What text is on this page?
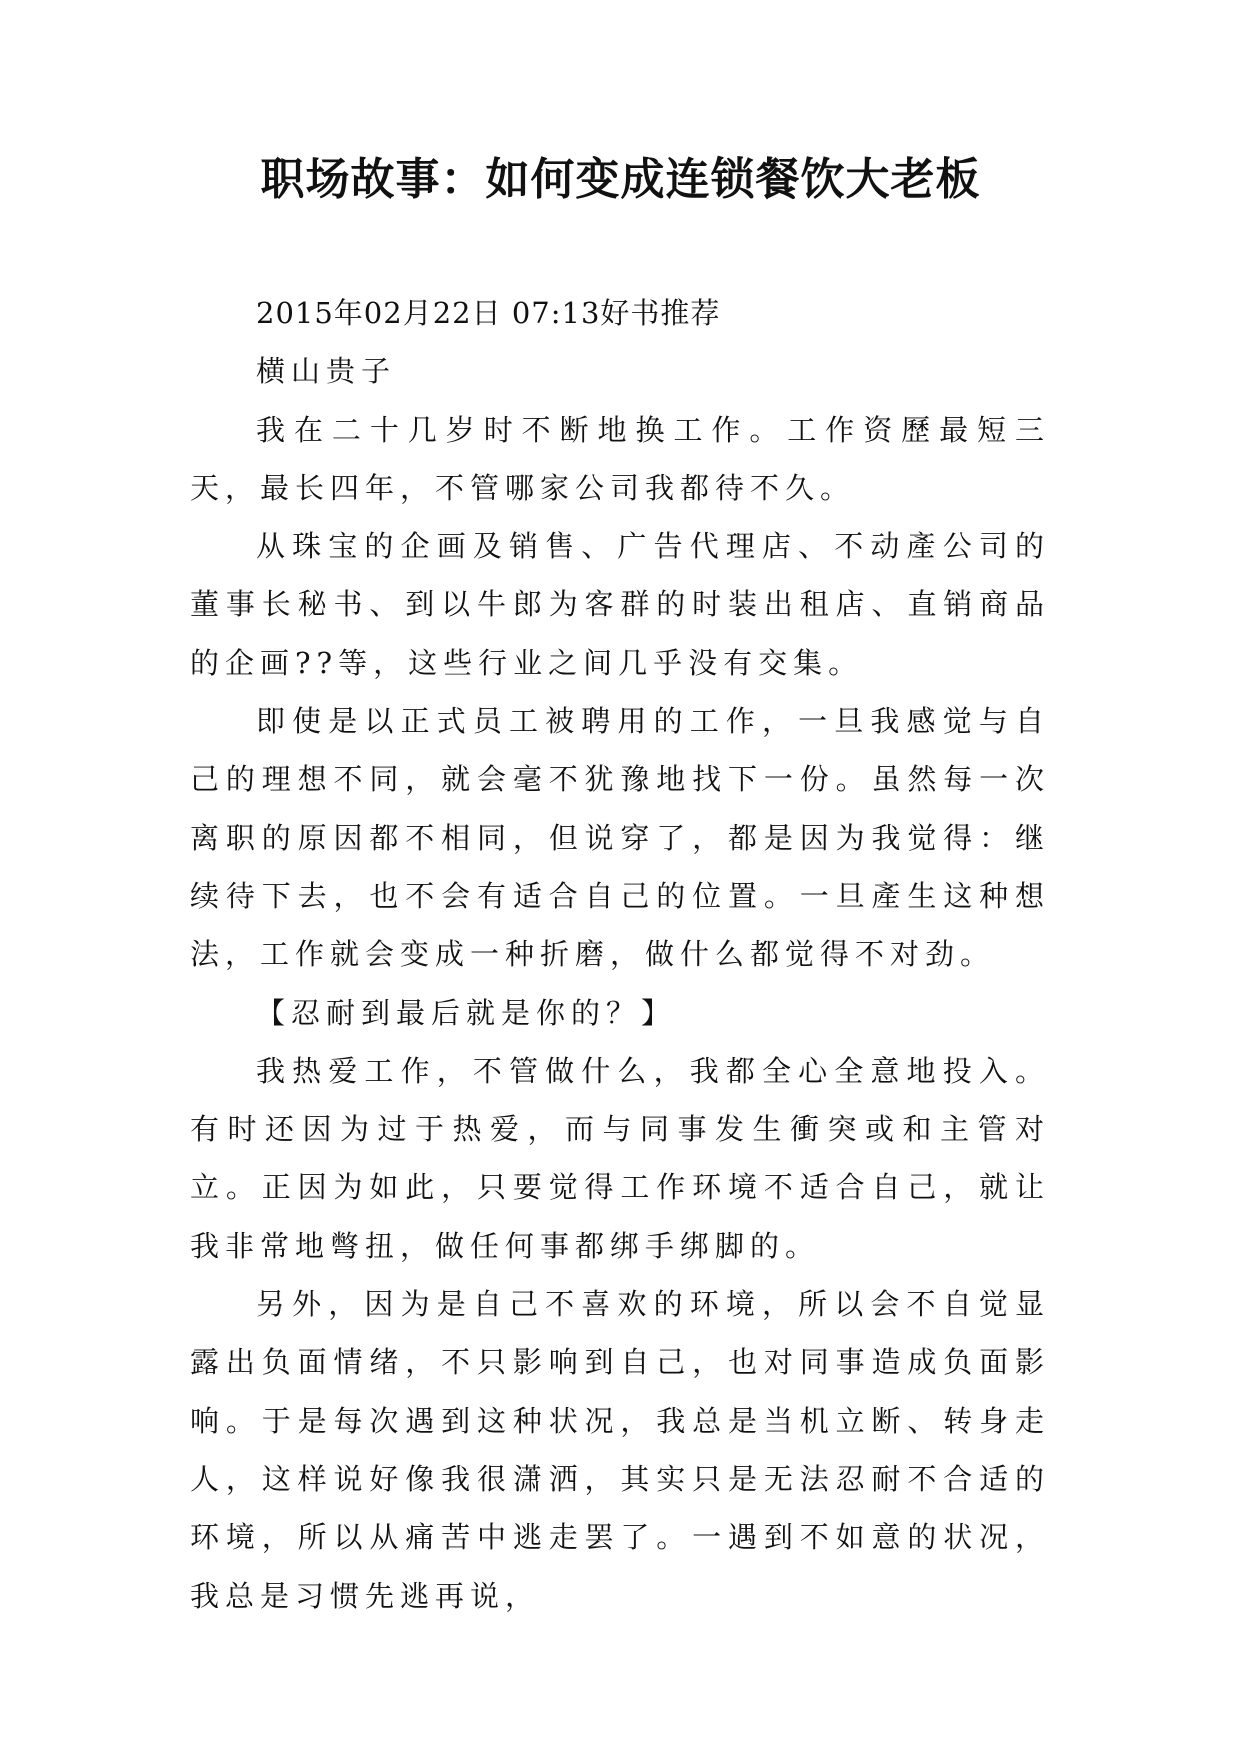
职场故事：如何变成连锁餐饮大老板

2015年02月22日 07:13好书推荐

横山贵子

我在二十几岁时不断地换工作。工作资歷最短三天，最长四年，不管哪家公司我都待不久。

从珠宝的企画及销售、广告代理店、不动產公司的董事长秘书、到以牛郎为客群的时装出租店、直销商品的企画??等，这些行业之间几乎没有交集。

即使是以正式员工被聘用的工作，一旦我感觉与自己的理想不同，就会毫不犹豫地找下一份。虽然每一次离职的原因都不相同，但说穿了，都是因为我觉得：继续待下去，也不会有适合自己的位置。一旦產生这种想法，工作就会变成一种折磨，做什么都觉得不对劲。

【忍耐到最后就是你的？】

我热爱工作，不管做什么，我都全心全意地投入。有时还因为过于热爱，而与同事发生衝突或和主管对立。正因为如此，只要觉得工作环境不适合自己，就让我非常地彆扭，做任何事都绑手绑脚的。

另外，因为是自己不喜欢的环境，所以会不自觉显露出负面情绪，不只影响到自己，也对同事造成负面影响。于是每次遇到这种状况，我总是当机立断、转身走人，这样说好像我很潇洒，其实只是无法忍耐不合适的环境，所以从痛苦中逃走罢了。一遇到不如意的状况，我总是习惯先逃再说，
